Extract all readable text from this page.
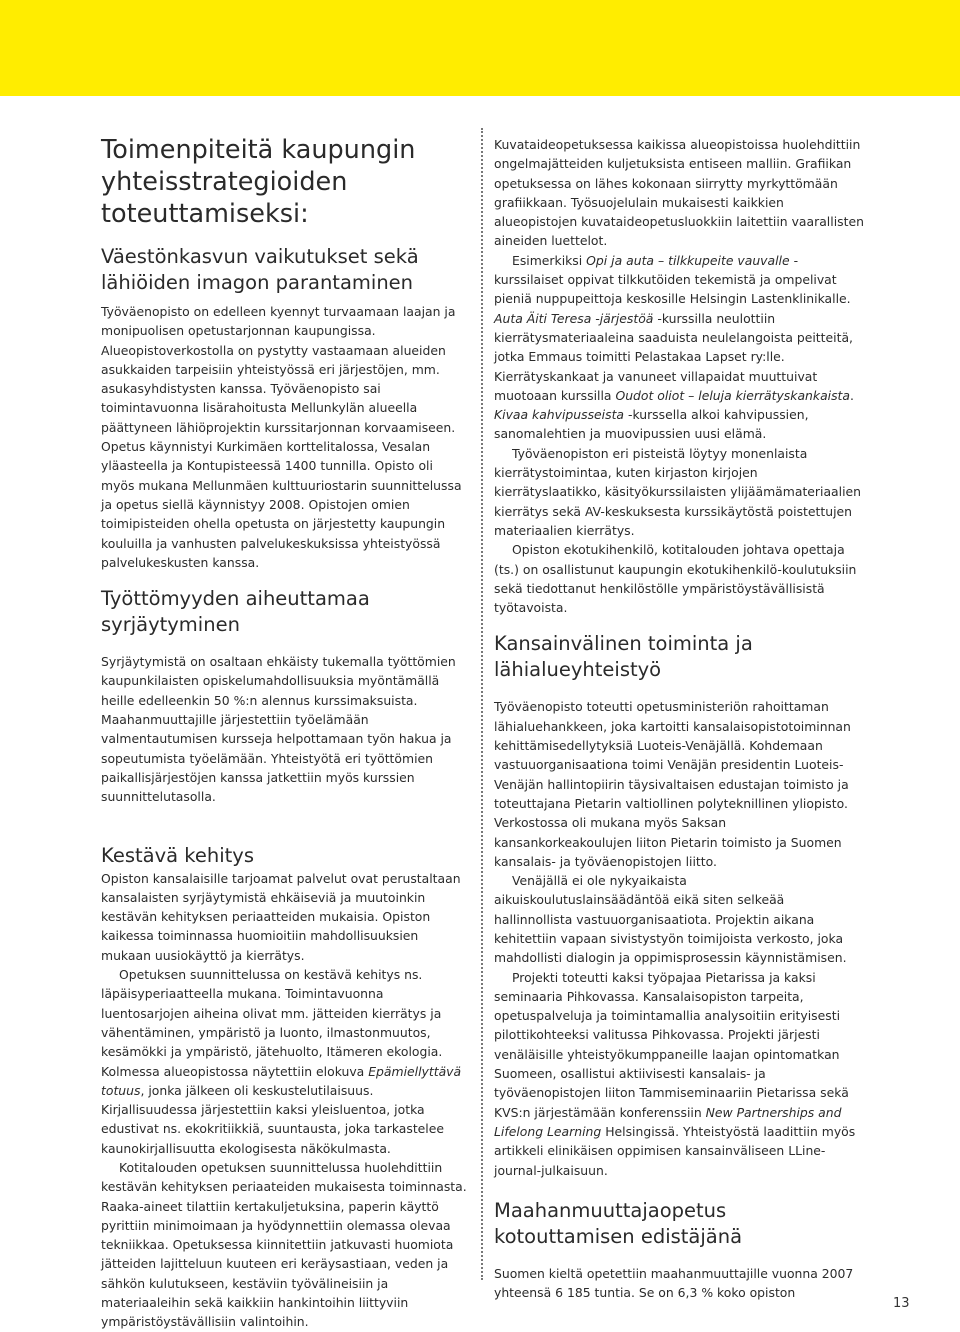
Toimenpiteitä kaupungin yhteisstrategioiden toteuttamiseksi:
Väestönkasvun vaikutukset sekä lähiöiden imagon parantaminen

Työväenopisto on edelleen kyennyt turvaamaan laajan ja monipuolisen opetustarjonnan kaupungissa. Alueopistoverkostolla on pystytty vastaamaan alueiden asukkaiden tarpeisiin yhteistyössä eri järjestöjen, mm. asukasyhdistysten kanssa. Työväenopisto sai toimintavuonna lisärahoitusta Mellunkylän alueella päättyneen lähiöprojektin kurssitarjonnan korvaamiseen. Opetus käynnistyi Kurkimäen korttelitalossa, Vesalan yläasteella ja Kontupisteessä 1400 tunnilla. Opisto oli myös mukana Mellunmäen kulttuuriostarin suunnittelussa ja opetus siellä käynnistyy 2008. Opistojen omien toimipisteiden ohella opetusta on järjestetty kaupungin kouluilla ja vanhusten palvelukeskuksissa yhteistyössä palvelukeskusten kanssa.

Työttömyyden aiheuttamaa syrjäytyminen

Syrjäytymistä on osaltaan ehkäisty tukemalla työttömien kaupunkilaisten opiskelumahdollisuuksia myöntämällä heille edelleenkin 50 %:n alennus kurssimaksuista. Maahanmuuttajille järjestettiin työelämään valmentautumisen kursseja helpottamaan työn hakua ja sopeutumista työelämään. Yhteistyötä eri työttömien paikallisjärjestöjen kanssa jatkettiin myös kurssien suunnittelutasolla.

Kestävä kehitys

Opiston kansalaisille tarjoamat palvelut ovat perustaltaan kansalaisten syrjäytymistä ehkäiseviä ja muutoinkin kestävän kehityksen periaatteiden mukaisia. Opiston kaikessa toiminnassa huomioitiin mahdollisuuksien mukaan uusiokäyttö ja kierrätys.

Opetuksen suunnittelussa on kestävä kehitys ns. läpäisyperiaatteella mukana. Toimintavuonna luentosarjojen aiheina olivat mm. jätteiden kierrätys ja vähentäminen, ympäristö ja luonto, ilmastonmuutos, kesämökki ja ympäristö, jätehuolto, Itämeren ekologia. Kolmessa alueopistossa näytettiin elokuva Epämiellyttävä totuus, jonka jälkeen oli keskustelutilaisuus. Kirjallisuudessa järjestettiin kaksi yleisluentoa, jotka edustivat ns. ekokritiikkiä, suuntausta, joka tarkastelee kaunokirjallisuutta ekologisesta näkökulmasta.

Kotitalouden opetuksen suunnittelussa huolehdittiin kestävän kehityksen periaateiden mukaisesta toiminnasta. Raaka-aineet tilattiin kertakuljetuksina, paperin käyttö pyrittiin minimoimaan ja hyödynnettiin olemassa olevaa tekniikkaa. Opetuksessa kiinnitettiin jatkuvasti huomiota jätteiden lajitteluun kuuteen eri keräysastiaan, veden ja sähkön kulutukseen, kestäviin työvälineisiin ja materiaaleihin sekä kaikkiin hankintoihin liittyviin ympäristöystävällisiin valintoihin.

Kuvataideopetuksessa kaikissa alueopistoissa huolehdittiin ongelmajätteiden kuljetuksista entiseen malliin. Grafiikan opetuksessa on lähes kokonaan siirrytty myrkyttömään grafiikkaan. Työsuojelulain mukaisesti kaikkien alueopistojen kuvataideopetusluokkiin laitettiin vaarallisten aineiden luettelot.

Esimerkiksi Opi ja auta – tilkkupeite vauvalle -kurssilaiset oppivat tilkkutöiden tekemistä ja ompelivat pieniä nuppupeittoja keskosille Helsingin Lastenklinikalle. Auta Äiti Teresa -järjestöä -kurssilla neulottiin kierrätysmateriaaleina saaduista neulelangoista peitteitä, jotka Emmaus toimitti Pelastakaa Lapset ry:lle. Kierrätyskankaat ja vanuneet villapaidat muuttuivat muotoaan kurssilla Oudot oliot – leluja kierrätyskankaista. Kivaa kahvipusseista -kurssella alkoi kahvipussien, sanomalehtien ja muovipussien uusi elämä.

Työväenopiston eri pisteistä löytyy monenlaista kierrätystoimintaa, kuten kirjaston kirjojen kierrätyslaatikko, käsityökurssilaisten ylijäämämateriaalien kierrätys sekä AV-keskuksesta kurssikäytöstä poistettujen materiaalien kierrätys.

Opiston ekotukihenkilö, kotitalouden johtava opettaja (ts.) on osallistunut kaupungin ekotukihenkilö-koulutuksiin sekä tiedottanut henkilöstölle ympäristöystävällisistä työtavoista.

Kansainvälinen toiminta ja lähialueyhteistyö

Työväenopisto toteutti opetusministeriön rahoittaman lähialuehankkeen, joka kartoitti kansalaisopistotoiminnan kehittämisedellytyksiä Luoteis-Venäjällä. Kohdemaan vastuuorganisaationa toimi Venäjän presidentin Luoteis-Venäjän hallintopiirin täysivaltaisen edustajan toimisto ja toteuttajana Pietarin valtiollinen polyteknillinen yliopisto. Verkostossa oli mukana myös Saksan kansankorkeakoulujen liiton Pietarin toimisto ja Suomen kansalais- ja työväenopistojen liitto.

Venäjällä ei ole nykyaikaista aikuiskoulutuslainsäädäntöä eikä siten selkeää hallinnollista vastuuorganisaatiota. Projektin aikana kehitettiin vapaan sivistystyön toimijoista verkosto, joka mahdollisti dialogin ja oppimisprosessin käynnistämisen.

Projekti toteutti kaksi työpajaa Pietarissa ja kaksi seminaaria Pihkovassa. Kansalaisopiston tarpeita, opetuspalveluja ja toimintamallia analysoitiin erityisesti pilottikohteeksi valitussa Pihkovassa. Projekti järjesti venäläisille yhteistyökumppaneille laajan opintomatkan Suomeen, osallistui aktiivisesti kansalais- ja työväenopistojen liiton Tammiseminaariin Pietarissa sekä KVS:n järjestämään konferenssiin New Partnerships and Lifelong Learning Helsingissä. Yhteistyöstä laadittiin myös artikkeli elinikäisen oppimisen kansainväliseen LLine-journal-julkaisuun.

Maahanmuuttajaopetus kotouttamisen edistäjänä

Suomen kieltä opetettiin maahanmuuttajille vuonna 2007 yhteensä 6 185 tuntia. Se on 6,3 % koko opiston

13
